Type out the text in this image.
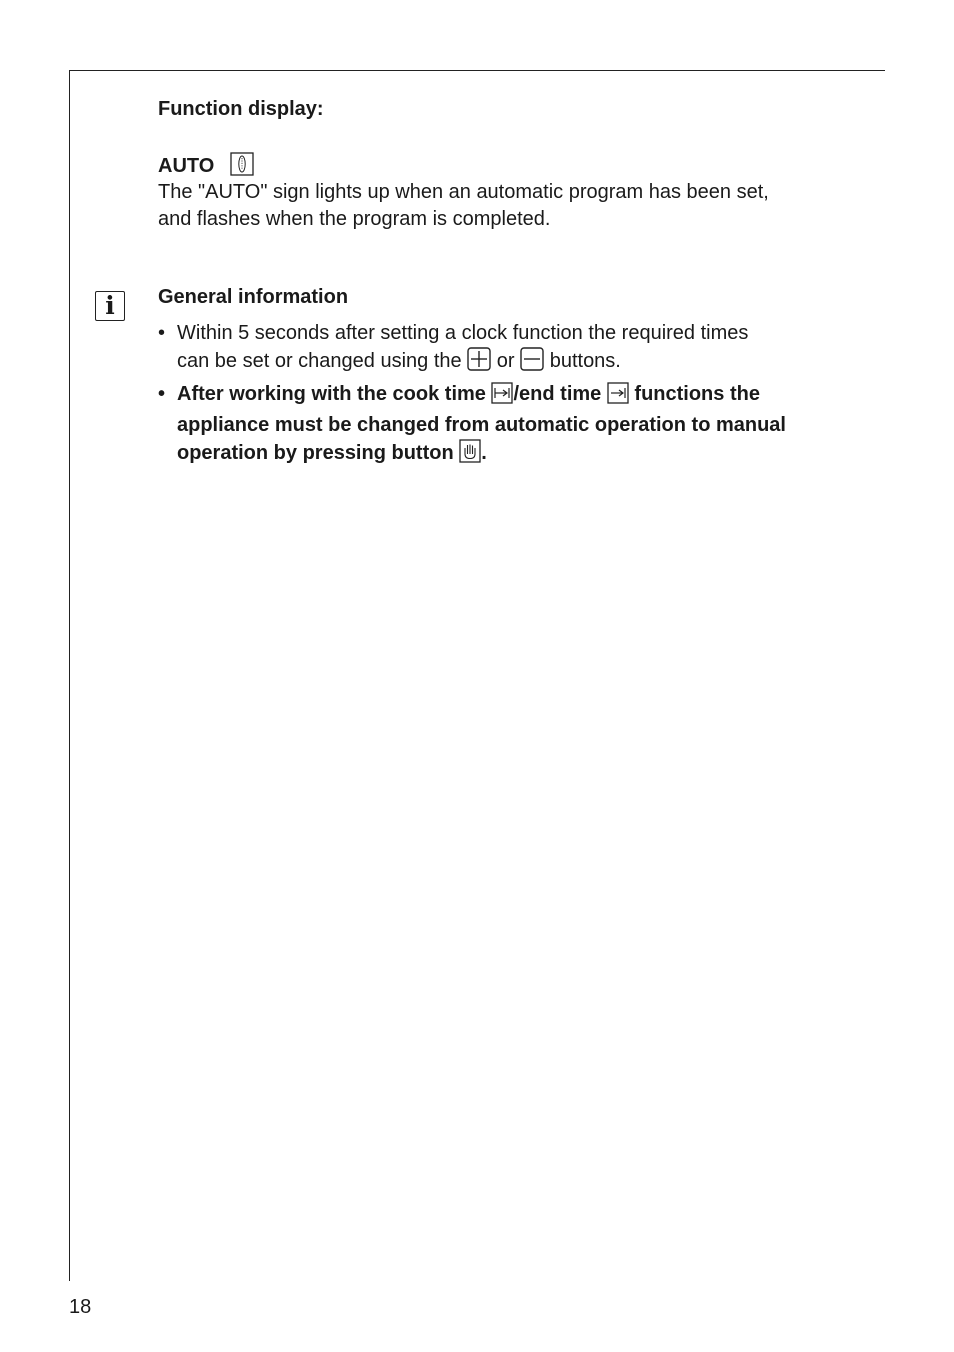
Function display:
AUTO
The "AUTO" sign lights up when an automatic program has been set,
and flashes when the program is completed.
i	General information
• Within 5 seconds after setting a clock function the required times
can be set or changed using the or buttons.
• After working with the cook time /end time functions the
appliance must be changed from automatic operation to manual
operation by pressing button .
18
